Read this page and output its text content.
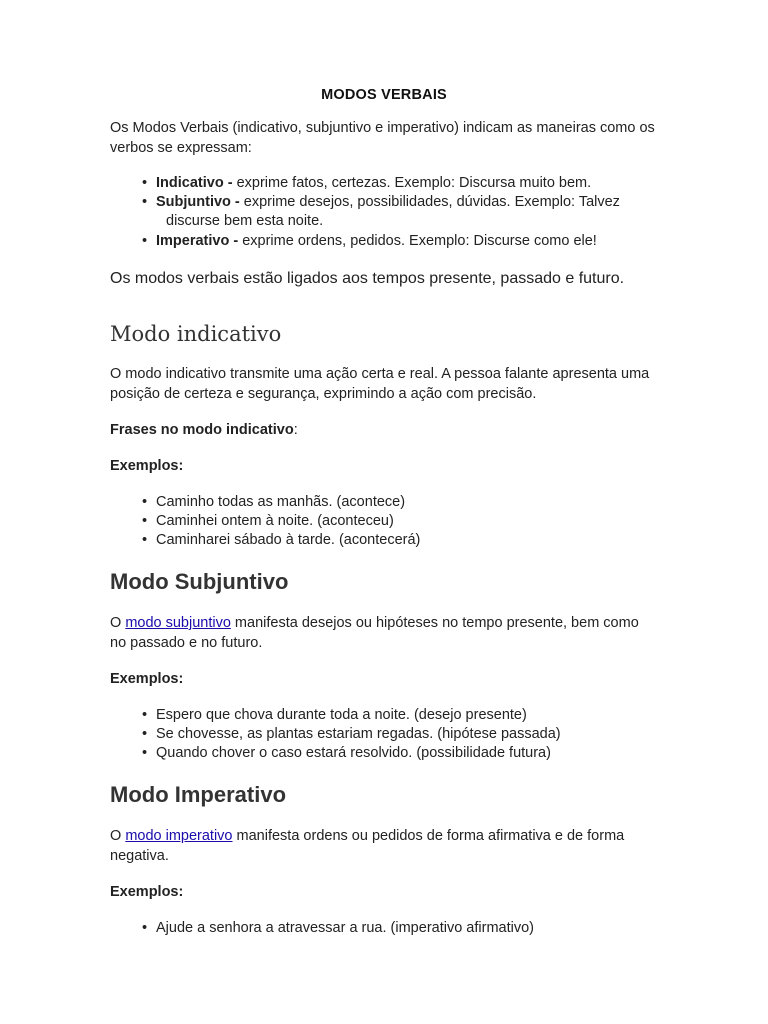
MODOS VERBAIS

Os Modos Verbais (indicativo, subjuntivo e imperativo) indicam as maneiras como os verbos se expressam:

• Indicativo - exprime fatos, certezas. Exemplo: Discursa muito bem.
• Subjuntivo - exprime desejos, possibilidades, dúvidas. Exemplo: Talvez
discurse bem esta noite.
• Imperativo - exprime ordens, pedidos. Exemplo: Discurse como ele!

Os modos verbais estão ligados aos tempos presente, passado e futuro.

Modo indicativo

O modo indicativo transmite uma ação certa e real. A pessoa falante apresenta uma posição de certeza e segurança, exprimindo a ação com precisão.

Frases no modo indicativo:

Exemplos:

• Caminho todas as manhãs. (acontece)
• Caminhei ontem à noite. (aconteceu)
• Caminharei sábado à tarde. (acontecerá)
Modo Subjuntivo

O modo subjuntivo manifesta desejos ou hipóteses no tempo presente, bem como no passado e no futuro.

Exemplos:

• Espero que chova durante toda a noite. (desejo presente)
• Se chovesse, as plantas estariam regadas. (hipótese passada)
• Quando chover o caso estará resolvido. (possibilidade futura)
Modo Imperativo

O modo imperativo manifesta ordens ou pedidos de forma afirmativa e de forma negativa.

Exemplos:

• Ajude a senhora a atravessar a rua. (imperativo afirmativo)
